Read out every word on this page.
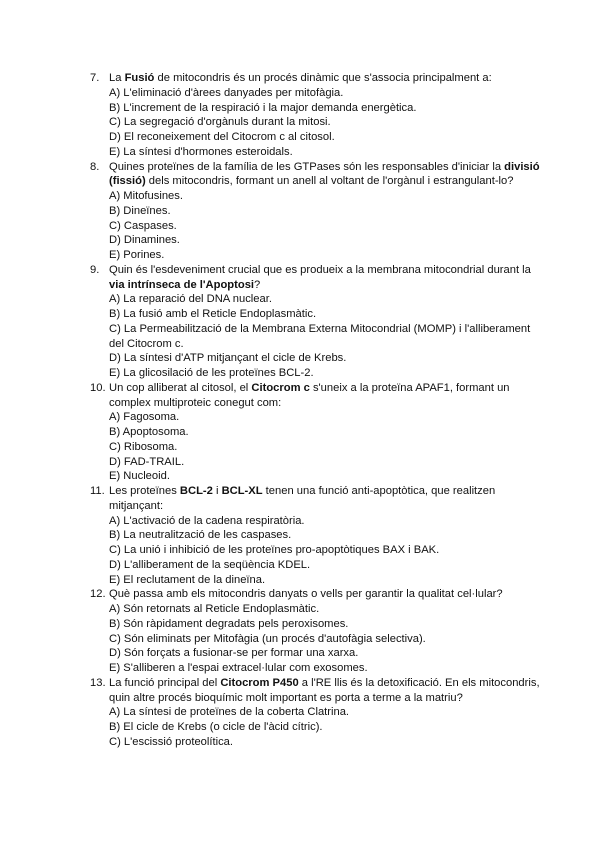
7. La Fusió de mitocondris és un procés dinàmic que s'associa principalment a:
A) L'eliminació d'àrees danyades per mitofàgia.
B) L'increment de la respiració i la major demanda energètica.
C) La segregació d'orgànuls durant la mitosi.
D) El reconeixement del Citocrom c al citosol.
E) La síntesi d'hormones esteroidals.
8. Quines proteïnes de la família de les GTPases són les responsables d'iniciar la divisió (fissió) dels mitocondris, formant un anell al voltant de l'orgànul i estrangulant-lo?
A) Mitofusines.
B) Dineïnes.
C) Caspases.
D) Dinamines.
E) Porines.
9. Quin és l'esdeveniment crucial que es produeix a la membrana mitocondrial durant la via intrínseca de l'Apoptosi?
A) La reparació del DNA nuclear.
B) La fusió amb el Reticle Endoplasmàtic.
C) La Permeabilització de la Membrana Externa Mitocondrial (MOMP) i l'alliberament del Citocrom c.
D) La síntesi d'ATP mitjançant el cicle de Krebs.
E) La glicosilació de les proteïnes BCL-2.
10. Un cop alliberat al citosol, el Citocrom c s'uneix a la proteïna APAF1, formant un complex multiproteic conegut com:
A) Fagosoma.
B) Apoptosoma.
C) Ribosoma.
D) FAD-TRAIL.
E) Nucleoid.
11. Les proteïnes BCL-2 i BCL-XL tenen una funció anti-apoptòtica, que realitzen mitjançant:
A) L'activació de la cadena respiratòria.
B) La neutralització de les caspases.
C) La unió i inhibició de les proteïnes pro-apoptòtiques BAX i BAK.
D) L'alliberament de la seqüència KDEL.
E) El reclutament de la dineïna.
12. Què passa amb els mitocondris danyats o vells per garantir la qualitat cel·lular?
A) Són retornats al Reticle Endoplasmàtic.
B) Són ràpidament degradats pels peroxisomes.
C) Són eliminats per Mitofàgia (un procés d'autofàgia selectiva).
D) Són forçats a fusionar-se per formar una xarxa.
E) S'alliberen a l'espai extracel·lular com exosomes.
13. La funció principal del Citocrom P450 a l'RE llis és la detoxificació. En els mitocondris, quin altre procés bioquímic molt important es porta a terme a la matriu?
A) La síntesi de proteïnes de la coberta Clatrina.
B) El cicle de Krebs (o cicle de l'àcid cítric).
C) L'escissió proteolítica.
